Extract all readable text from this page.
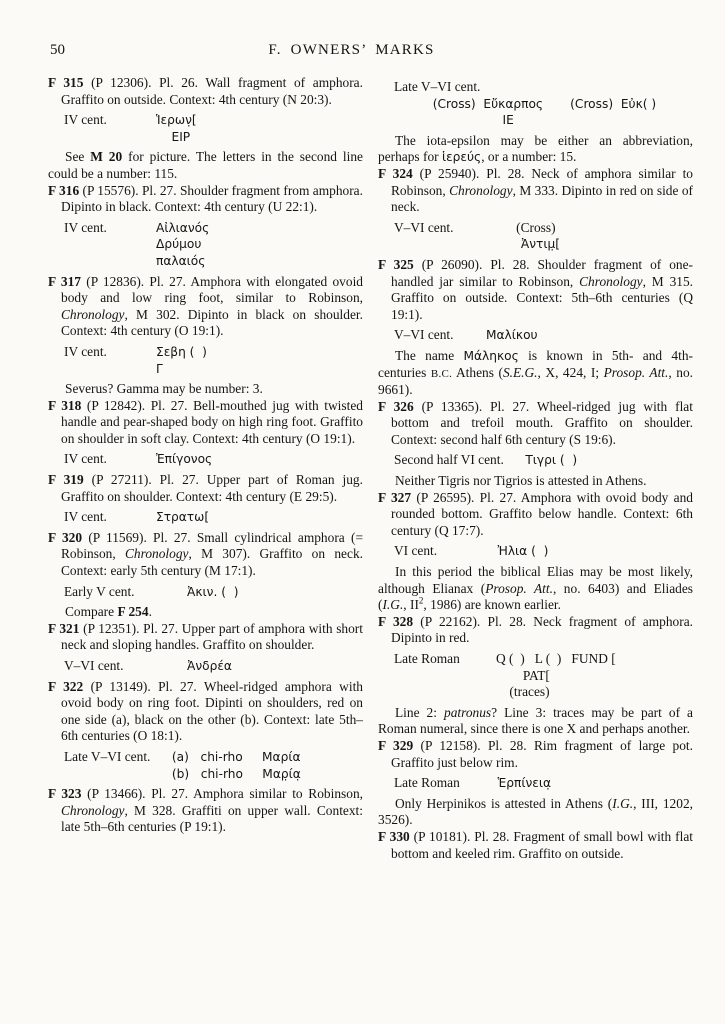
50	F. OWNERS’ MARKS

F 315 (P 12306). Pl. 26. Wall fragment of amphora. Graffito on outside. Context: 4th century (N 20:3).

IV cent.	Ἱερων̣[
ΕΙΡ

See M 20 for picture. The letters in the second line could be a number: 115.

F 316 (P 15576). Pl. 27. Shoulder fragment from amphora. Dipinto in black. Context: 4th century (U 22:1).

IV cent.	Αἰλιανός
Δρύμου
παλαιός

F 317 (P 12836). Pl. 27. Amphora with elongated ovoid body and low ring foot, similar to Robinson, Chronology, M 302. Dipinto in black on shoulder. Context: 4th century (O 19:1).

IV cent.	Σεβη (  )
Γ

Severus? Gamma may be number: 3.

F 318 (P 12842). Pl. 27. Bell-mouthed jug with twisted handle and pear-shaped body on high ring foot. Graffito on shoulder in soft clay. Context: 4th century (O 19:1).

IV cent.	Ἐπίγονος

F 319 (P 27211). Pl. 27. Upper part of Roman jug. Graffito on shoulder. Context: 4th century (E 29:5).

IV cent.	Στρατω[

F 320 (P 11569). Pl. 27. Small cylindrical amphora (= Robinson, Chronology, M 307). Graffito on neck. Context: early 5th century (M 17:1).

Early V cent.	Ἀκιν. (  )

Compare F 254.

F 321 (P 12351). Pl. 27. Upper part of amphora with short neck and sloping handles. Graffito on shoulder.

V–VI cent.	Ἀνδρέα

F 322 (P 13149). Pl. 27. Wheel-ridged amphora with ovoid body on ring foot. Dipinti on shoulders, red on one side (a), black on the other (b). Context: late 5th–6th centuries (O 18:1).

Late V–VI cent. (a)   chi-rho     Μαρία
(b)   chi-rho     Μαρ̣ία̣

F 323 (P 13466). Pl. 27. Amphora similar to Robinson, Chronology, M 328. Graffiti on upper wall. Context: late 5th–6th centuries (P 19:1).

Late V–VI cent.
(Cross)  Εὔκαρπος       (Cross)  Εὐκ( )
ΙΕ

The iota-epsilon may be either an abbreviation, perhaps for ἱερεύς, or a number: 15.

F 324 (P 25940). Pl. 28. Neck of amphora similar to Robinson, Chronology, M 333. Dipinto in red on side of neck.

V–VI cent.	(Cross)
Ἀντιμ̣[

F 325 (P 26090). Pl. 28. Shoulder fragment of one-handled jar similar to Robinson, Chronology, M 315. Graffito on outside. Context: 5th–6th centuries (Q 19:1).

V–VI cent.	Μαλίκου

The name Μάληκος is known in 5th- and 4th-centuries B.C. Athens (S.E.G., X, 424, I; Prosop. Att., no. 9661).

F 326 (P 13365). Pl. 27. Wheel-ridged jug with flat bottom and trefoil mouth. Graffito on shoulder. Context: second half 6th century (S 19:6).

Second half VI cent. Τιγρι (  )

Neither Tigris nor Tigrios is attested in Athens.

F 327 (P 26595). Pl. 27. Amphora with ovoid body and rounded bottom. Graffito below handle. Context: 6th century (Q 17:7).

VI cent.	Ἠλια (  )

In this period the biblical Elias may be most likely, although Elianax (Prosop. Att., no. 6403) and Eliades (I.G., $II^2$, 1986) are known earlier.

F 328 (P 22162). Pl. 28. Neck fragment of amphora. Dipinto in red.

Late Roman	Q (  )   L (  )   FUND [
PAT[
(traces)

Line 2: patronus? Line 3: traces may be part of a Roman numeral, since there is one X and perhaps another.

F 329 (P 12158). Pl. 28. Rim fragment of large pot. Graffito just below rim.

Late Roman	Ἑρπίνεια̣

Only Herpinikos is attested in Athens (I.G., III, 1202, 3526).

F 330 (P 10181). Pl. 28. Fragment of small bowl with flat bottom and keeled rim. Graffito on outside.
